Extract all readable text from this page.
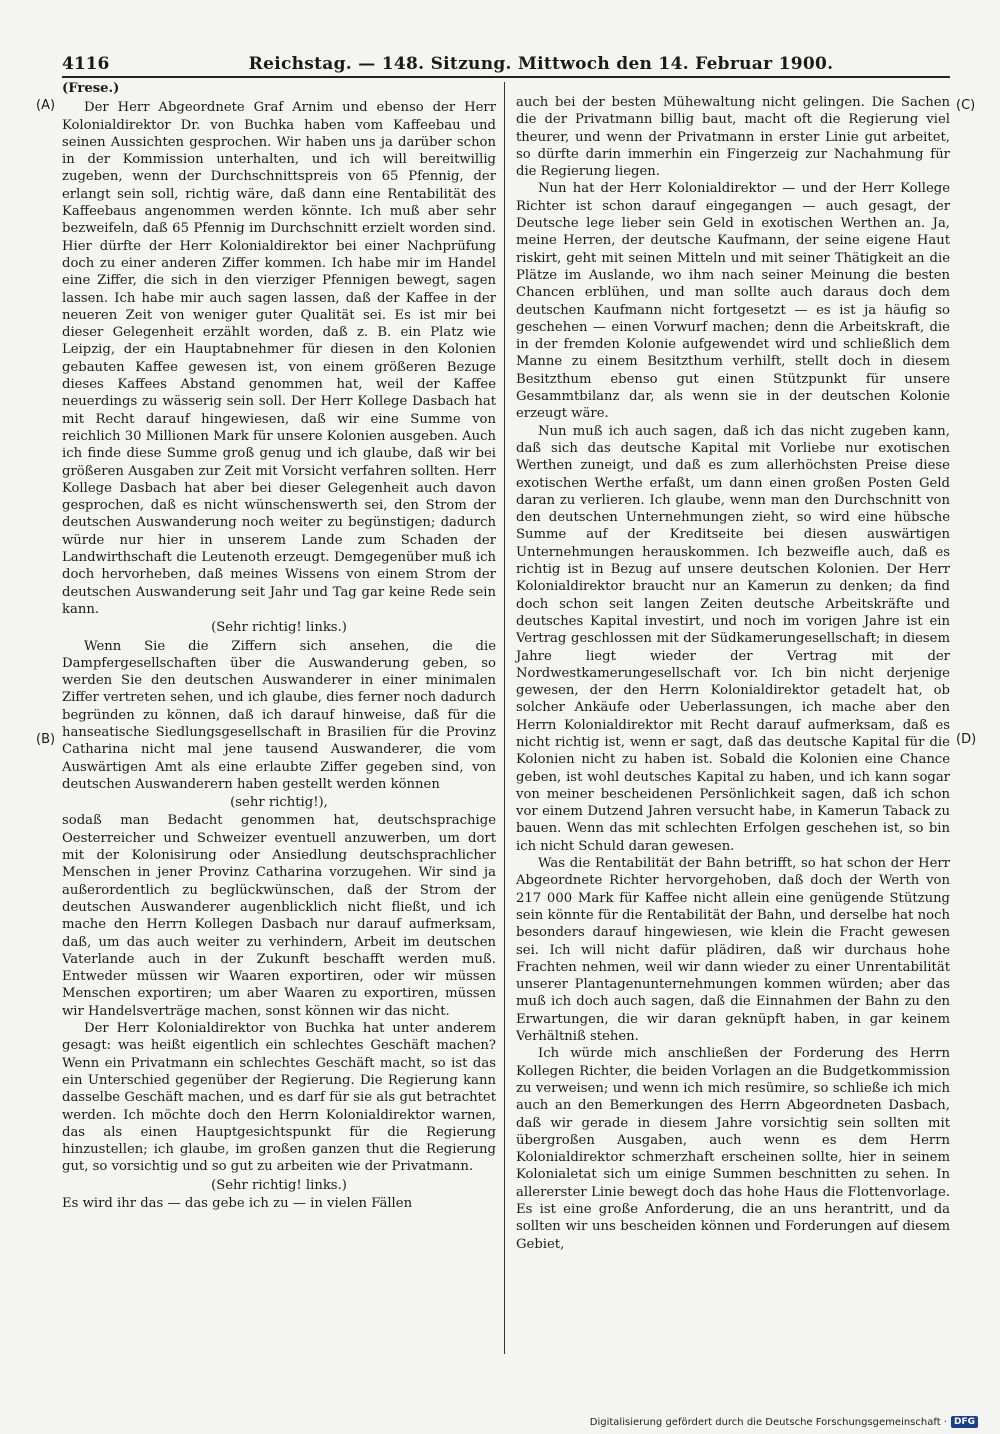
4116	Reichstag. — 148. Sitzung. Mittwoch den 14. Februar 1900.
(A)
(B)
(C)
(D)
(Frese.)

Der Herr Abgeordnete Graf Arnim und ebenso der Herr Kolonialdirektor Dr. von Buchka haben vom Kaffeebau und seinen Aussichten gesprochen. Wir haben uns ja darüber schon in der Kommission unterhalten, und ich will bereitwillig zugeben, wenn der Durchschnittspreis von 65 Pfennig, der erlangt sein soll, richtig wäre, daß dann eine Rentabilität des Kaffeebaus angenommen werden könnte. Ich muß aber sehr bezweifeln, daß 65 Pfennig im Durchschnitt erzielt worden sind. Hier dürfte der Herr Kolonialdirektor bei einer Nachprüfung doch zu einer anderen Ziffer kommen. Ich habe mir im Handel eine Ziffer, die sich in den vierziger Pfennigen bewegt, sagen lassen. Ich habe mir auch sagen lassen, daß der Kaffee in der neueren Zeit von weniger guter Qualität sei. Es ist mir bei dieser Gelegenheit erzählt worden, daß z. B. ein Platz wie Leipzig, der ein Hauptabnehmer für diesen in den Kolonien gebauten Kaffee gewesen ist, von einem größeren Bezuge dieses Kaffees Abstand genommen hat, weil der Kaffee neuerdings zu wässerig sein soll. Der Herr Kollege Dasbach hat mit Recht darauf hingewiesen, daß wir eine Summe von reichlich 30 Millionen Mark für unsere Kolonien ausgeben. Auch ich finde diese Summe groß genug und ich glaube, daß wir bei größeren Ausgaben zur Zeit mit Vorsicht verfahren sollten. Herr Kollege Dasbach hat aber bei dieser Gelegenheit auch davon gesprochen, daß es nicht wünschenswerth sei, den Strom der deutschen Auswanderung noch weiter zu begünstigen; dadurch würde nur hier in unserem Lande zum Schaden der Landwirthschaft die Leutenoth erzeugt. Demgegenüber muß ich doch hervorheben, daß meines Wissens von einem Strom der deutschen Auswanderung seit Jahr und Tag gar keine Rede sein kann.

(Sehr richtig! links.)

Wenn Sie die Ziffern sich ansehen, die die Dampfergesellschaften über die Auswanderung geben, so werden Sie den deutschen Auswanderer in einer minimalen Ziffer vertreten sehen, und ich glaube, dies ferner noch dadurch begründen zu können, daß ich darauf hinweise, daß für die hanseatische Siedlungsgesellschaft in Brasilien für die Provinz Catharina nicht mal jene tausend Auswanderer, die vom Auswärtigen Amt als eine erlaubte Ziffer gegeben sind, von deutschen Auswanderern haben gestellt werden können

(sehr richtig!),

sodaß man Bedacht genommen hat, deutschsprachige Oesterreicher und Schweizer eventuell anzuwerben, um dort mit der Kolonisirung oder Ansiedlung deutschsprachlicher Menschen in jener Provinz Catharina vorzugehen. Wir sind ja außerordentlich zu beglückwünschen, daß der Strom der deutschen Auswanderer augenblicklich nicht fließt, und ich mache den Herrn Kollegen Dasbach nur darauf aufmerksam, daß, um das auch weiter zu verhindern, Arbeit im deutschen Vaterlande auch in der Zukunft beschafft werden muß. Entweder müssen wir Waaren exportiren, oder wir müssen Menschen exportiren; um aber Waaren zu exportiren, müssen wir Handelsverträge machen, sonst können wir das nicht.

Der Herr Kolonialdirektor von Buchka hat unter anderem gesagt: was heißt eigentlich ein schlechtes Geschäft machen? Wenn ein Privatmann ein schlechtes Geschäft macht, so ist das ein Unterschied gegenüber der Regierung. Die Regierung kann dasselbe Geschäft machen, und es darf für sie als gut betrachtet werden. Ich möchte doch den Herrn Kolonialdirektor warnen, das als einen Hauptgesichtspunkt für die Regierung hinzustellen; ich glaube, im großen ganzen thut die Regierung gut, so vorsichtig und so gut zu arbeiten wie der Privatmann.

(Sehr richtig! links.)

Es wird ihr das — das gebe ich zu — in vielen Fällen

auch bei der besten Mühewaltung nicht gelingen. Die Sachen die der Privatmann billig baut, macht oft die Regierung viel theurer, und wenn der Privatmann in erster Linie gut arbeitet, so dürfte darin immerhin ein Fingerzeig zur Nachahmung für die Regierung liegen.

Nun hat der Herr Kolonialdirektor — und der Herr Kollege Richter ist schon darauf eingegangen — auch gesagt, der Deutsche lege lieber sein Geld in exotischen Werthen an. Ja, meine Herren, der deutsche Kaufmann, der seine eigene Haut riskirt, geht mit seinen Mitteln und mit seiner Thätigkeit an die Plätze im Auslande, wo ihm nach seiner Meinung die besten Chancen erblühen, und man sollte auch daraus doch dem deutschen Kaufmann nicht fortgesetzt — es ist ja häufig so geschehen — einen Vorwurf machen; denn die Arbeitskraft, die in der fremden Kolonie aufgewendet wird und schließlich dem Manne zu einem Besitzthum verhilft, stellt doch in diesem Besitzthum ebenso gut einen Stützpunkt für unsere Gesammtbilanz dar, als wenn sie in der deutschen Kolonie erzeugt wäre.

Nun muß ich auch sagen, daß ich das nicht zugeben kann, daß sich das deutsche Kapital mit Vorliebe nur exotischen Werthen zuneigt, und daß es zum allerhöchsten Preise diese exotischen Werthe erfaßt, um dann einen großen Posten Geld daran zu verlieren. Ich glaube, wenn man den Durchschnitt von den deutschen Unternehmungen zieht, so wird eine hübsche Summe auf der Kreditseite bei diesen auswärtigen Unternehmungen herauskommen. Ich bezweifle auch, daß es richtig ist in Bezug auf unsere deutschen Kolonien. Der Herr Kolonialdirektor braucht nur an Kamerun zu denken; da find doch schon seit langen Zeiten deutsche Arbeitskräfte und deutsches Kapital investirt, und noch im vorigen Jahre ist ein Vertrag geschlossen mit der Südkamerungesellschaft; in diesem Jahre liegt wieder der Vertrag mit der Nordwestkamerungesellschaft vor. Ich bin nicht derjenige gewesen, der den Herrn Kolonialdirektor getadelt hat, ob solcher Ankäufe oder Ueberlassungen, ich mache aber den Herrn Kolonialdirektor mit Recht darauf aufmerksam, daß es nicht richtig ist, wenn er sagt, daß das deutsche Kapital für die Kolonien nicht zu haben ist. Sobald die Kolonien eine Chance geben, ist wohl deutsches Kapital zu haben, und ich kann sogar von meiner bescheidenen Persönlichkeit sagen, daß ich schon vor einem Dutzend Jahren versucht habe, in Kamerun Taback zu bauen. Wenn das mit schlechten Erfolgen geschehen ist, so bin ich nicht Schuld daran gewesen.

Was die Rentabilität der Bahn betrifft, so hat schon der Herr Abgeordnete Richter hervorgehoben, daß doch der Werth von 217 000 Mark für Kaffee nicht allein eine genügende Stützung sein könnte für die Rentabilität der Bahn, und derselbe hat noch besonders darauf hingewiesen, wie klein die Fracht gewesen sei. Ich will nicht dafür plädiren, daß wir durchaus hohe Frachten nehmen, weil wir dann wieder zu einer Unrentabilität unserer Plantagenunternehmungen kommen würden; aber das muß ich doch auch sagen, daß die Einnahmen der Bahn zu den Erwartungen, die wir daran geknüpft haben, in gar keinem Verhältniß stehen.

Ich würde mich anschließen der Forderung des Herrn Kollegen Richter, die beiden Vorlagen an die Budgetkommission zu verweisen; und wenn ich mich resümire, so schließe ich mich auch an den Bemerkungen des Herrn Abgeordneten Dasbach, daß wir gerade in diesem Jahre vorsichtig sein sollten mit übergroßen Ausgaben, auch wenn es dem Herrn Kolonialdirektor schmerzhaft erscheinen sollte, hier in seinem Kolonialetat sich um einige Summen beschnitten zu sehen. In allererster Linie bewegt doch das hohe Haus die Flottenvorlage. Es ist eine große Anforderung, die an uns herantritt, und da sollten wir uns bescheiden können und Forderungen auf diesem Gebiet,

Digitalisierung gefördert durch die Deutsche Forschungsgemeinschaft · DFG
